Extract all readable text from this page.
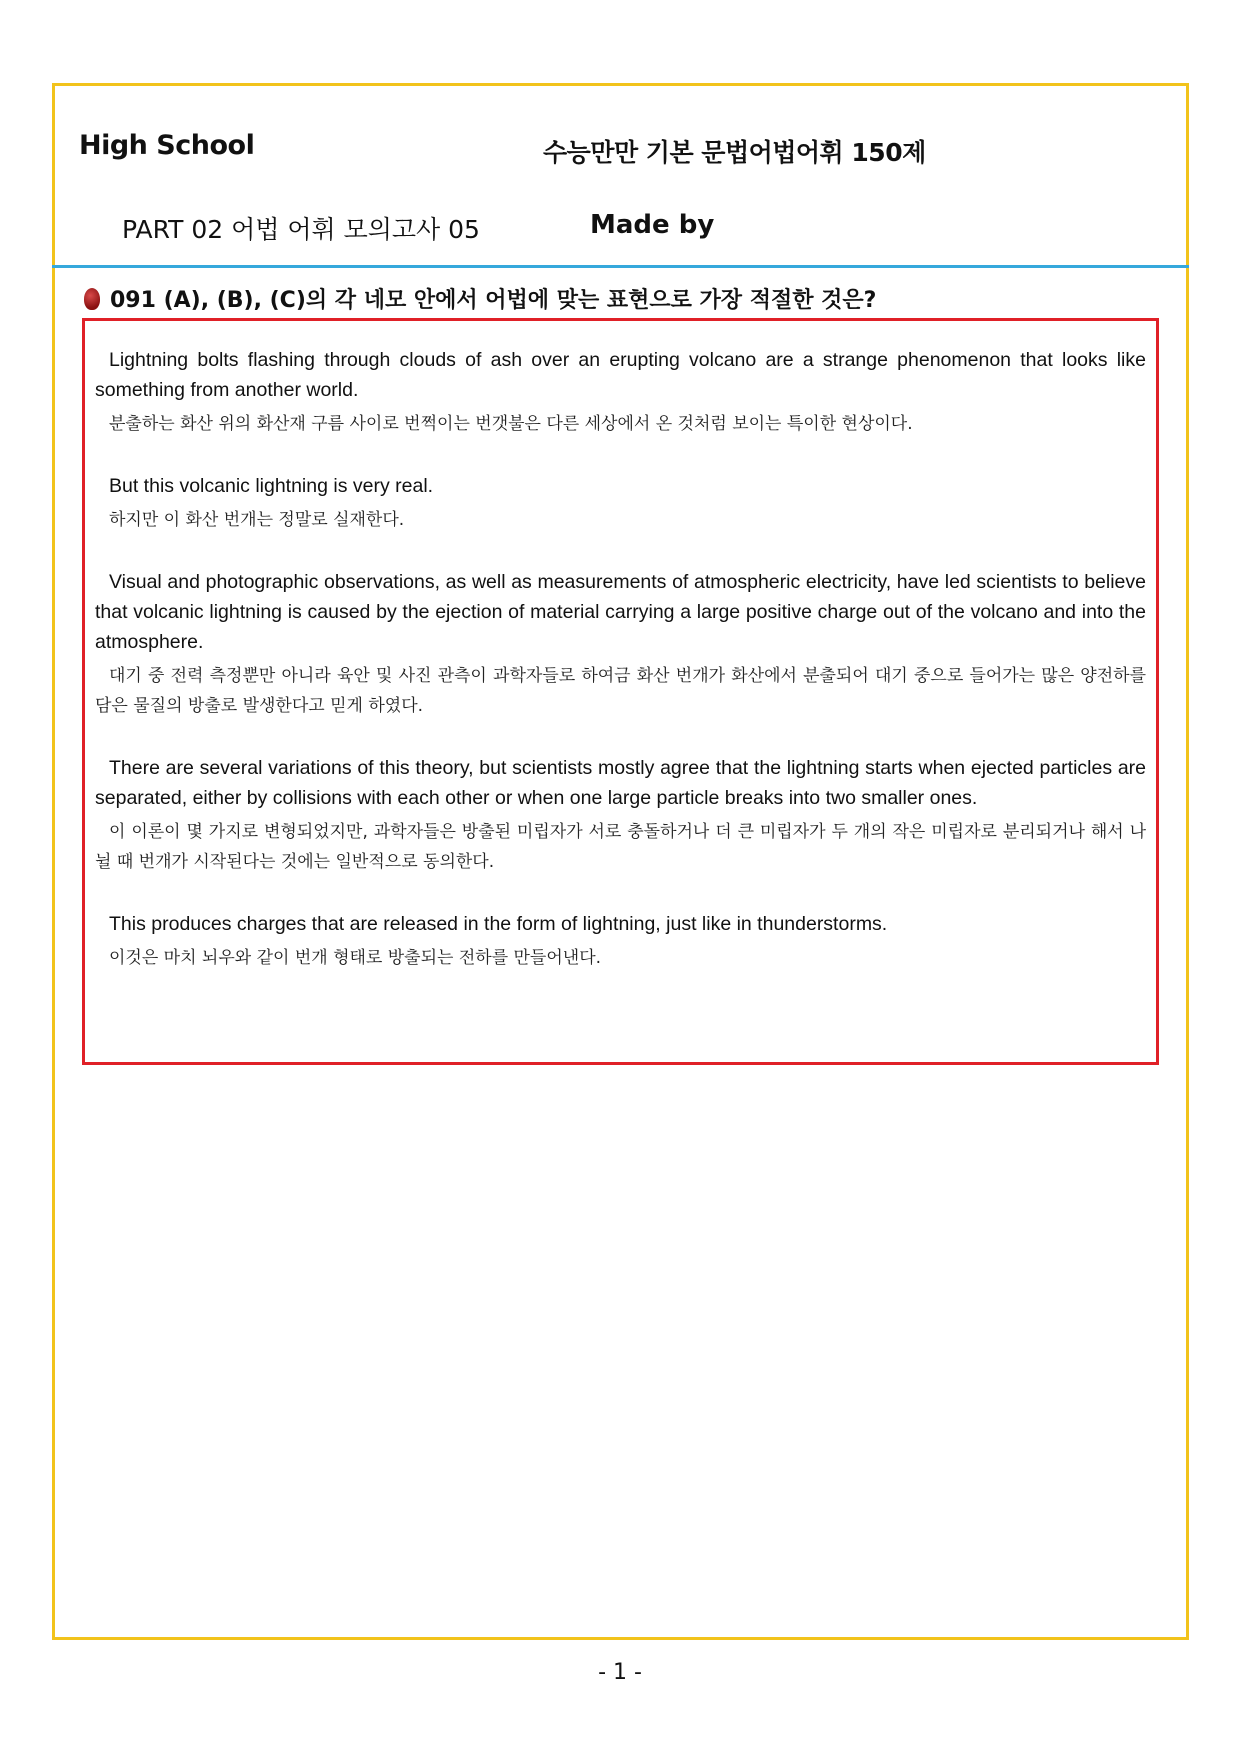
High School	수능만만 기본 문법어법어휘 150제
PART 02 어법 어휘 모의고사 05	Made by
091 (A), (B), (C)의 각 네모 안에서 어법에 맞는 표현으로 가장 적절한 것은?

Lightning bolts flashing through clouds of ash over an erupting volcano are a strange phenomenon that looks like something from another world.

분출하는 화산 위의 화산재 구름 사이로 번쩍이는 번갯불은 다른 세상에서 온 것처럼 보이는 특이한 현상이다.

But this volcanic lightning is very real.

하지만 이 화산 번개는 정말로 실재한다.

Visual and photographic observations, as well as measurements of atmospheric electricity, have led scientists to believe that volcanic lightning is caused by the ejection of material carrying a large positive charge out of the volcano and into the atmosphere.

대기 중 전력 측정뿐만 아니라 육안 및 사진 관측이 과학자들로 하여금 화산 번개가 화산에서 분출되어 대기 중으로 들어가는 많은 양전하를 담은 물질의 방출로 발생한다고 믿게 하였다.

There are several variations of this theory, but scientists mostly agree that the lightning starts when ejected particles are separated, either by collisions with each other or when one large particle breaks into two smaller ones.

이 이론이 몇 가지로 변형되었지만, 과학자들은 방출된 미립자가 서로 충돌하거나 더 큰 미립자가 두 개의 작은 미립자로 분리되거나 해서 나뉠 때 번개가 시작된다는 것에는 일반적으로 동의한다.

This produces charges that are released in the form of lightning, just like in thunderstorms.

이것은 마치 뇌우와 같이 번개 형태로 방출되는 전하를 만들어낸다.

- 1 -
